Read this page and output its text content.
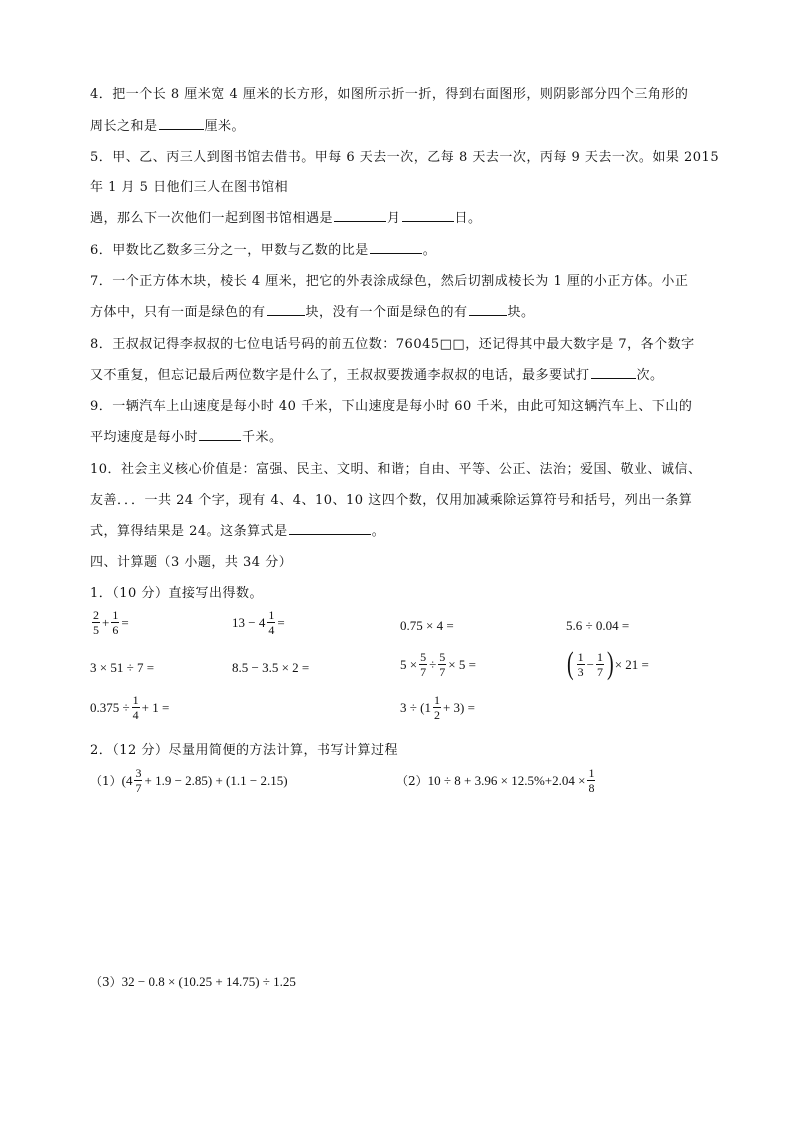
4．把一个长 8 厘米宽 4 厘米的长方形，如图所示折一折，得到右面图形，则阴影部分四个三角形的
周长之和是	厘米。
5．甲、乙、丙三人到图书馆去借书。甲每 6 天去一次，乙每 8 天去一次，丙每 9 天去一次。如果 2015
年 1 月 5 日他们三人在图书馆相
遇，那么下一次他们一起到图书馆相遇是	月	日。
6．甲数比乙数多三分之一，甲数与乙数的比是	。
7．一个正方体木块，棱长 4 厘米，把它的外表涂成绿色，然后切割成棱长为 1 厘的小正方体。小正
方体中，只有一面是绿色的有	块，没有一个面是绿色的有	块。
8．王叔叔记得李叔叔的七位电话号码的前五位数：76045□□，还记得其中最大数字是 7，各个数字
又不重复，但忘记最后两位数字是什么了，王叔叔要拨通李叔叔的电话，最多要试打	次。
9．一辆汽车上山速度是每小时 40 千米，下山速度是每小时 60 千米，由此可知这辆汽车上、下山的
平均速度是每小时	千米。
10．社会主义核心价值是：富强、民主、文明、和谐；自由、平等、公正、法治；爱国、敬业、诚信、
友善．．．一共 24 个字，现有 4、4、10、10 这四个数，仅用加减乘除运算符号和括号，列出一条算
式，算得结果是 24。这条算式是	。
四、计算题（3 小题，共 34 分）
1．（10 分）直接写出得数。
$\frac{2}{5} + \frac{1}{6}$ =	$13 - 4 \frac{1}{4}$ =	0.75 × 4 =	5.6 ÷ 0.04 =
3 × 51 ÷ 7 =	8.5 − 3.5 × 2 =	$5 \times \frac{5}{7} \div \frac{5}{7} \times 5$ =	( $\frac{1}{3} - \frac{1}{7}$ ) × 21 =
$0.375 \div \frac{1}{4} + 1$ =	$3 \div (1 \frac{1}{2} + 3)$ =
2．（12 分）尽量用简便的方法计算，书写计算过程
（1） $(4 \frac{3}{7} + 1.9 - 2.85) + (1.1 - 2.15)$	（2） $10 \div 8 + 3.96 \times 12.5\%+2.04 \times \frac{1}{8}$
（3） 32 − 0.8 × (10.25 + 14.75) ÷ 1.25
